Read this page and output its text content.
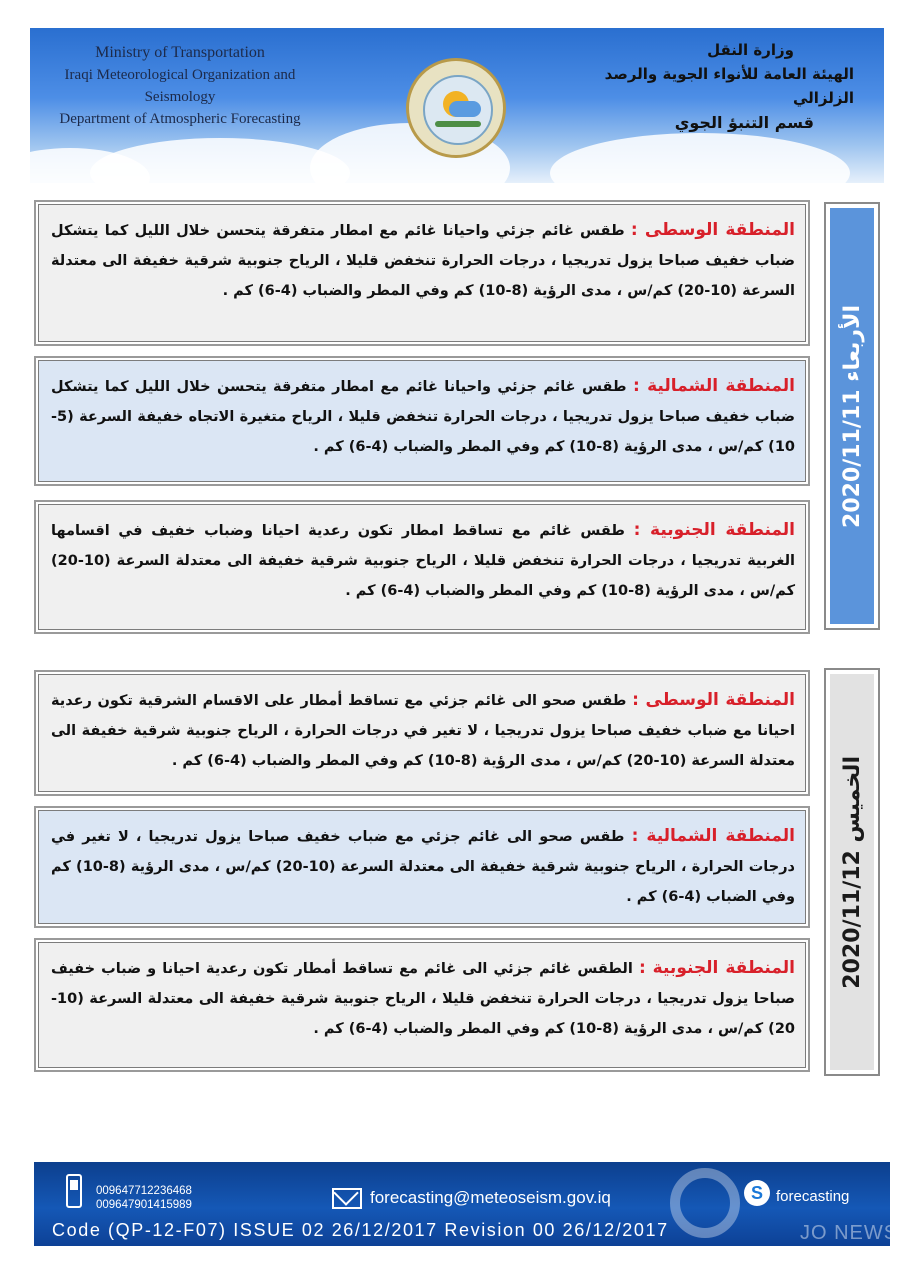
Ministry of Transportation
Iraqi Meteorological Organization and Seismology
Department of Atmospheric Forecasting
وزارة النقل
الهيئة العامة للأنواء الجوية والرصد الزلزالي
قسم التنبؤ الجوي
الأربعاء 2020/11/11
المنطقة الوسطى : طقس غائم جزئي واحيانا غائم مع امطار متفرقة يتحسن خلال الليل كما يتشكل ضباب خفيف صباحا يزول تدريجيا ، درجات الحرارة تنخفض قليلا ، الرياح جنوبية شرقية خفيفة الى معتدلة السرعة (10-20) كم/س ، مدى الرؤية (8-10) كم وفي المطر والضباب (4-6) كم .
المنطقة الشمالية : طقس غائم جزئي واحيانا غائم مع امطار متفرقة يتحسن خلال الليل كما يتشكل ضباب خفيف صباحا يزول تدريجيا ، درجات الحرارة تنخفض قليلا ، الرياح متغيرة الاتجاه خفيفة السرعة (5-10) كم/س ، مدى الرؤية (8-10) كم وفي المطر والضباب (4-6) كم .
المنطقة الجنوبية : طقس غائم مع تساقط امطار تكون رعدية احيانا وضباب خفيف في اقسامها الغربية تدريجيا ، درجات الحرارة تنخفض قليلا ، الرياح جنوبية شرقية خفيفة الى معتدلة السرعة (10-20) كم/س ، مدى الرؤية (8-10) كم وفي المطر والضباب (4-6) كم .
الخميس 2020/11/12
المنطقة الوسطى : طقس صحو الى غائم جزئي مع تساقط أمطار على الاقسام الشرقية تكون رعدية احيانا مع ضباب خفيف صباحا يزول تدريجيا ، لا تغير في درجات الحرارة ، الرياح جنوبية شرقية خفيفة الى معتدلة السرعة (10-20) كم/س ، مدى الرؤية (8-10) كم وفي المطر والضباب (4-6) كم .
المنطقة الشمالية : طقس صحو الى غائم جزئي مع ضباب خفيف صباحا يزول تدريجيا ، لا تغير في درجات الحرارة ، الرياح جنوبية شرقية خفيفة الى معتدلة السرعة (10-20) كم/س ، مدى الرؤية (8-10) كم وفي الضباب (4-6) كم .
المنطقة الجنوبية : الطقس غائم جزئي الى غائم مع تساقط أمطار تكون رعدية احيانا و ضباب خفيف صباحا يزول تدريجيا ، درجات الحرارة تنخفض قليلا ، الرياح جنوبية شرقية خفيفة الى معتدلة السرعة (10-20) كم/س ، مدى الرؤية (8-10) كم وفي المطر والضباب (4-6) كم .
009647712236468
009647901415989	forecasting@meteoseism.gov.iq	S forecasting
Code (QP-12-F07) ISSUE 02 26/12/2017 Revision 00 26/12/2017	JO NEWS
